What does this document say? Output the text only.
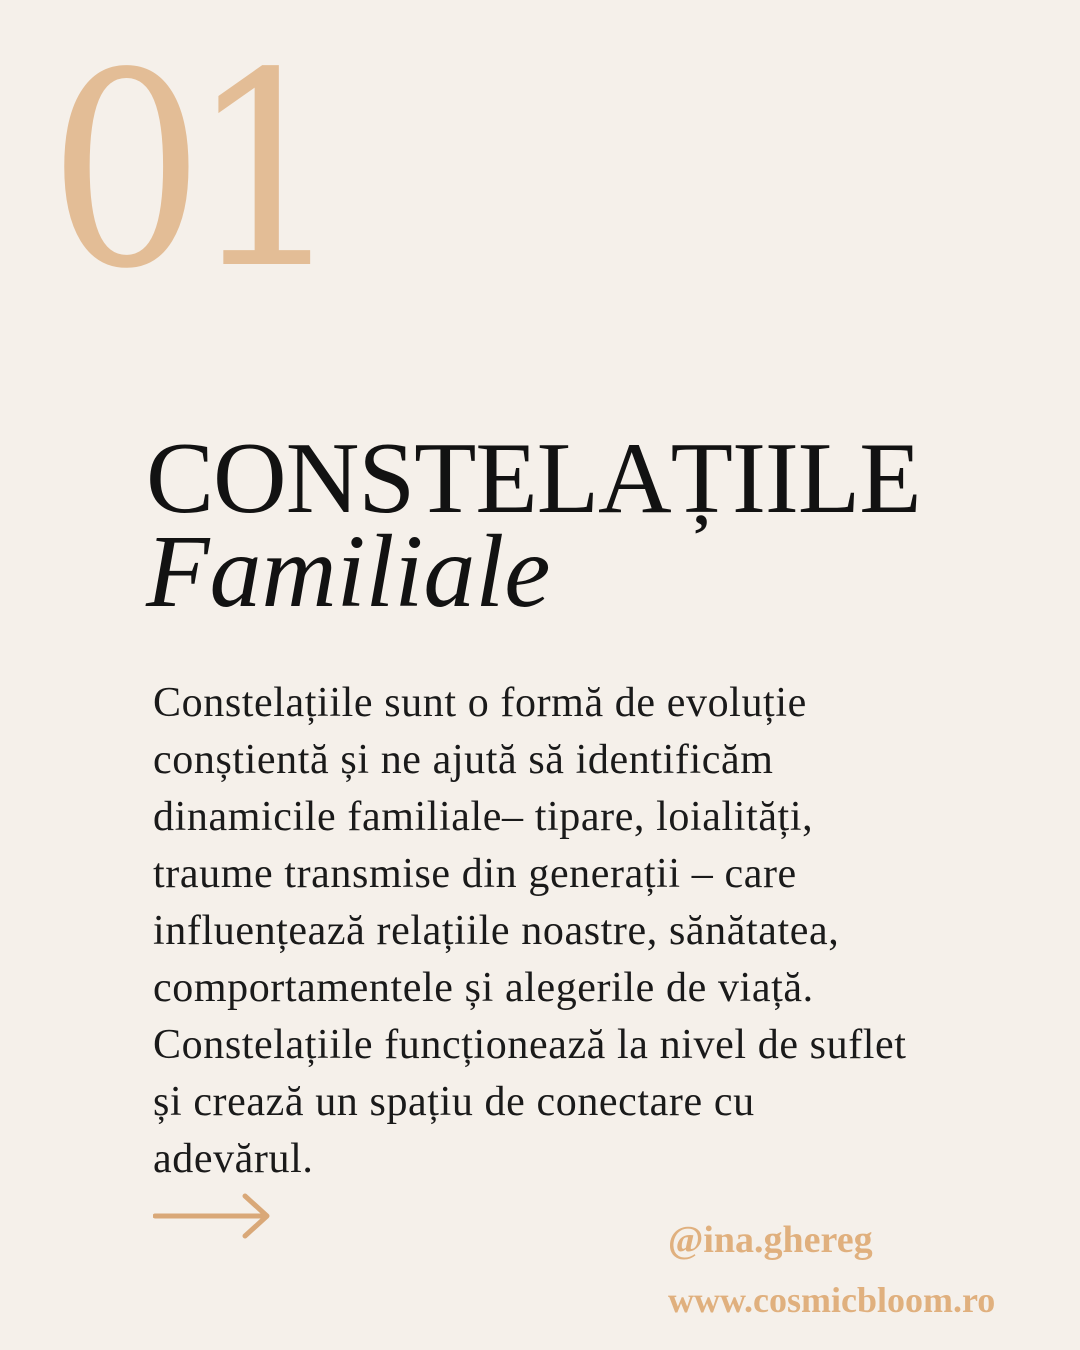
01
CONSTELAȚIILE
Familiale
Constelațiile sunt o formă de evoluție
conștientă și ne ajută să identificăm
dinamicile familiale– tipare, loialități,
traume transmise din generații – care
influențează relațiile noastre, sănătatea,
comportamentele și alegerile de viață.
Constelațiile funcționează la nivel de suflet
și crează un spațiu de conectare cu
adevărul.
@ina.ghereg
www.cosmicbloom.ro
